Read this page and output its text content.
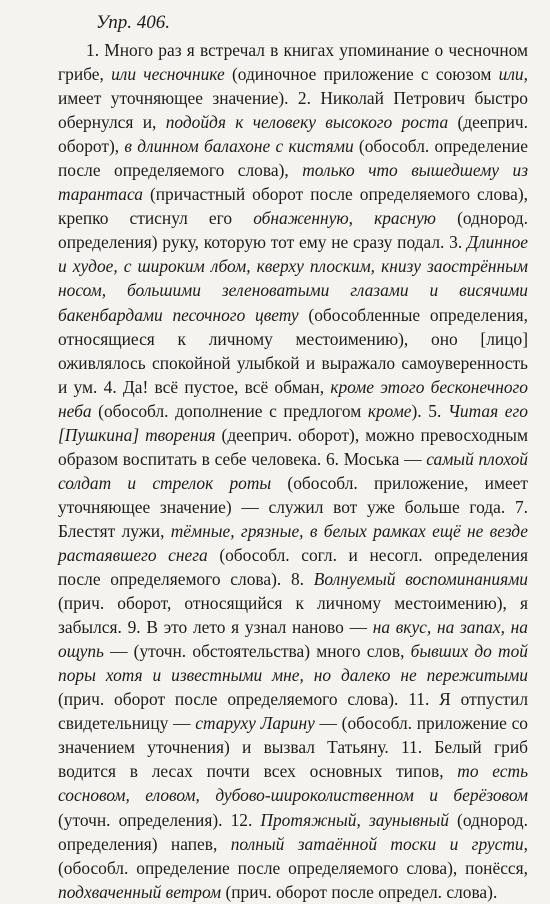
Упр. 406.

1. Много раз я встречал в книгах упоминание о чесночном грибе, или чесночнике (одиночное приложение с союзом или, имеет уточняющее значение). 2. Николай Петрович быстро обернулся и, подойдя к человеку высокого роста (дееприч. оборот), в длинном балахоне с кистями (обособл. определение после определяемого слова), только что вышедшему из тарантаса (причастный оборот после определяемого слова), крепко стиснул его обнаженную, красную (однород. определения) руку, которую тот ему не сразу подал. 3. Длинное и худое, с широким лбом, кверху плоским, книзу заострённым носом, большими зеленоватыми глазами и висячими бакенбардами песочного цвету (обособленные определения, относящиеся к личному местоимению), оно [лицо] оживлялось спокойной улыбкой и выражало самоуверенность и ум. 4. Да! всё пустое, всё обман, кроме этого бесконечного неба (обособл. дополнение с предлогом кроме). 5. Читая его [Пушкина] творения (дееприч. оборот), можно превосходным образом воспитать в себе человека. 6. Моська — самый плохой солдат и стрелок роты (обособл. приложение, имеет уточняющее значение) — служил вот уже больше года. 7. Блестят лужи, тёмные, грязные, в белых рамках ещё не везде растаявшего снега (обособл. согл. и несогл. определения после определяемого слова). 8. Волнуемый воспоминаниями (прич. оборот, относящийся к личному местоимению), я забылся. 9. В это лето я узнал наново — на вкус, на запах, на ощупь — (уточн. обстоятельства) много слов, бывших до той поры хотя и известными мне, но далеко не пережитыми (прич. оборот после определяемого слова). 11. Я отпустил свидетельницу — старуху Ларину — (обособл. приложение со значением уточнения) и вызвал Татьяну. 11. Белый гриб водится в лесах почти всех основных типов, то есть сосновом, еловом, дубово-широколиственном и берёзовом (уточн. определения). 12. Протяжный, заунывный (однород. определения) напев, полный затаённой тоски и грусти, (обособл. определение после определяемого слова), понёсся, подхваченный ветром (прич. оборот после определ. слова).
